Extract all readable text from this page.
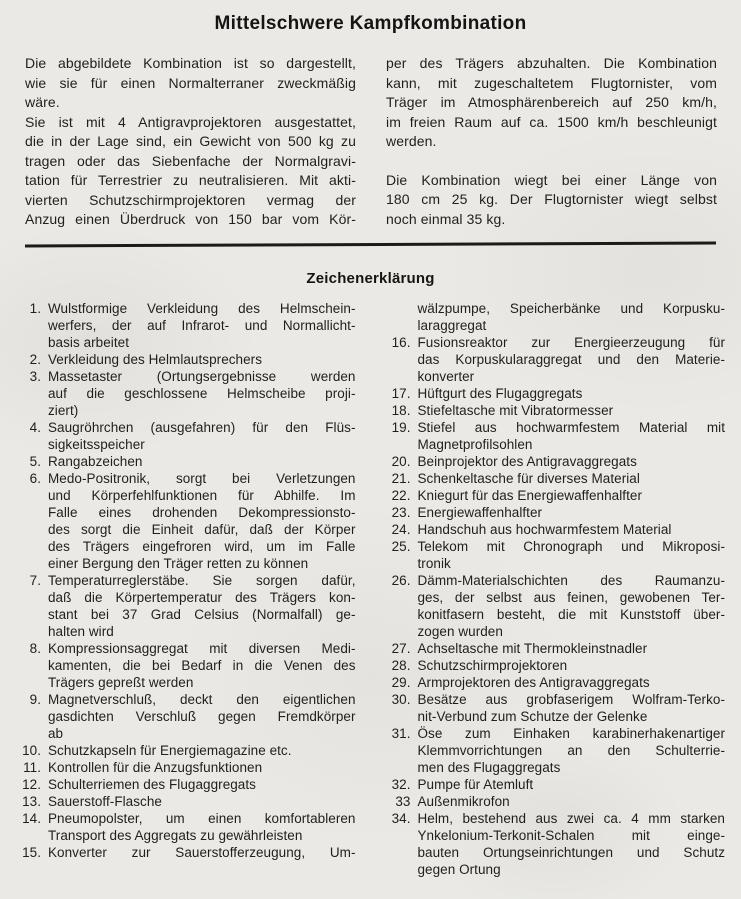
Mittelschwere Kampfkombination
Die abgebildete Kombination ist so dargestellt,
wie sie für einen Normalterraner zweckmäßig
wäre.
Sie ist mit 4 Antigravprojektoren ausgestattet,
die in der Lage sind, ein Gewicht von 500 kg zu
tragen oder das Siebenfache der Normalgravi-
tation für Terrestrier zu neutralisieren. Mit akti-
vierten Schutzschirmprojektoren vermag der
Anzug einen Überdruck von 150 bar vom Kör-
per des Trägers abzuhalten. Die Kombination
kann, mit zugeschaltetem Flugtornister, vom
Träger im Atmosphärenbereich auf 250 km/h,
im freien Raum auf ca. 1500 km/h beschleunigt
werden.
Die Kombination wiegt bei einer Länge von
180 cm 25 kg. Der Flugtornister wiegt selbst
noch einmal 35 kg.
Zeichenerklärung
1. Wulstformige Verkleidung des Helmschein-
werfers, der auf Infrarot- und Normallicht-
basis arbeitet
2. Verkleidung des Helmlautsprechers
3. Massetaster (Ortungsergebnisse werden
auf die geschlossene Helmscheibe proji-
ziert)
4. Saugröhrchen (ausgefahren) für den Flüs-
sigkeitsspeicher
5. Rangabzeichen
6. Medo-Positronik, sorgt bei Verletzungen
und Körperfehlfunktionen für Abhilfe. Im
Falle eines drohenden Dekompressionsto-
des sorgt die Einheit dafür, daß der Körper
des Trägers eingefroren wird, um im Falle
einer Bergung den Träger retten zu können
7. Temperaturreglerstäbe. Sie sorgen dafür,
daß die Körpertemperatur des Trägers kon-
stant bei 37 Grad Celsius (Normalfall) ge-
halten wird
8. Kompressionsaggregat mit diversen Medi-
kamenten, die bei Bedarf in die Venen des
Trägers gepreßt werden
9. Magnetverschluß, deckt den eigentlichen
gasdichten Verschluß gegen Fremdkörper
ab
10. Schutzkapseln für Energiemagazine etc.
11. Kontrollen für die Anzugsfunktionen
12. Schulterriemen des Flugaggregats
13. Sauerstoff-Flasche
14. Pneumopolster, um einen komfortableren
Transport des Aggregats zu gewährleisten
15. Konverter zur Sauerstofferzeugung, Um-
wälzpumpe, Speicherbänke und Korpusku-
laraggregat
16. Fusionsreaktor zur Energieerzeugung für
das Korpuskularaggregat und den Materie-
konverter
17. Hüftgurt des Flugaggregats
18. Stiefeltasche mit Vibratormesser
19. Stiefel aus hochwarmfestem Material mit
Magnetprofilsohlen
20. Beinprojektor des Antigravaggregats
21. Schenkeltasche für diverses Material
22. Kniegurt für das Energiewaffenhalfter
23. Energiewaffenhalfter
24. Handschuh aus hochwarmfestem Material
25. Telekom mit Chronograph und Mikroposi-
tronik
26. Dämm-Materialschichten des Raumanzu-
ges, der selbst aus feinen, gewobenen Ter-
konitfasern besteht, die mit Kunststoff über-
zogen wurden
27. Achseltasche mit Thermokleinstnadler
28. Schutzschirmprojektoren
29. Armprojektoren des Antigravaggregats
30. Besätze aus grobfaserigem Wolfram-Terko-
nit-Verbund zum Schutze der Gelenke
31. Öse zum Einhaken karabinerhakenartiger
Klemmvorrichtungen an den Schulterrie-
men des Flugaggregats
32. Pumpe für Atemluft
33 Außenmikrofon
34. Helm, bestehend aus zwei ca. 4 mm starken
Ynkelonium-Terkonit-Schalen mit einge-
bauten Ortungseinrichtungen und Schutz
gegen Ortung
